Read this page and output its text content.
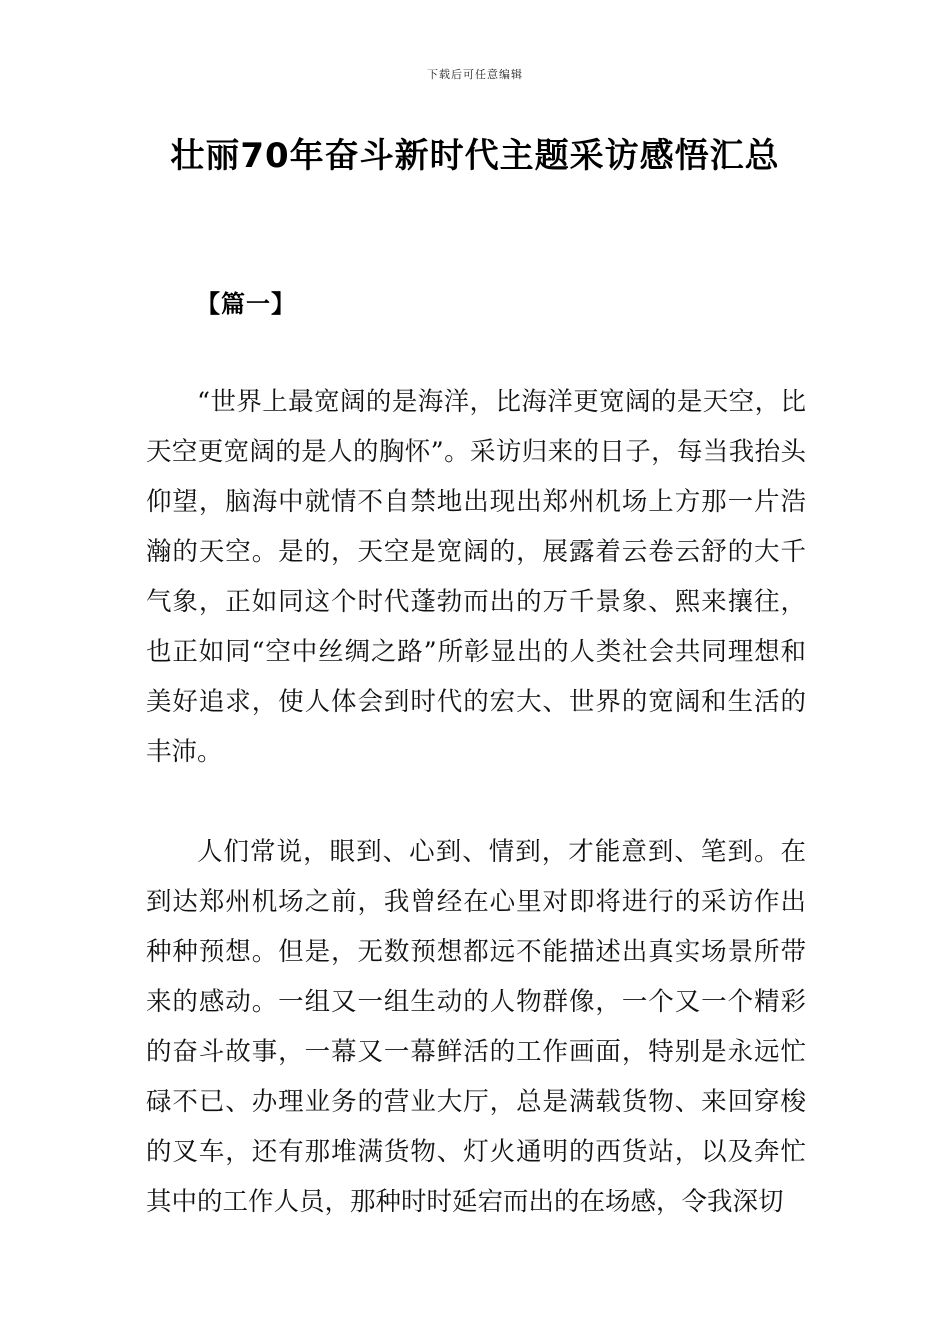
下载后可任意编辑
壮丽70年奋斗新时代主题采访感悟汇总
【篇一】

“世界上最宽阔的是海洋，比海洋更宽阔的是天空，比天空更宽阔的是人的胸怀”。采访归来的日子，每当我抬头仰望，脑海中就情不自禁地出现出郑州机场上方那一片浩瀚的天空。是的，天空是宽阔的，展露着云卷云舒的大千气象，正如同这个时代蓬勃而出的万千景象、熙来攘往，也正如同“空中丝绸之路”所彰显出的人类社会共同理想和美好追求，使人体会到时代的宏大、世界的宽阔和生活的丰沛。

人们常说，眼到、心到、情到，才能意到、笔到。在到达郑州机场之前，我曾经在心里对即将进行的采访作出种种预想。但是，无数预想都远不能描述出真实场景所带来的感动。一组又一组生动的人物群像，一个又一个精彩的奋斗故事，一幕又一幕鲜活的工作画面，特别是永远忙碌不已、办理业务的营业大厅，总是满载货物、来回穿梭的叉车，还有那堆满货物、灯火通明的西货站，以及奔忙其中的工作人员，那种时时延宕而出的在场感，令我深切
